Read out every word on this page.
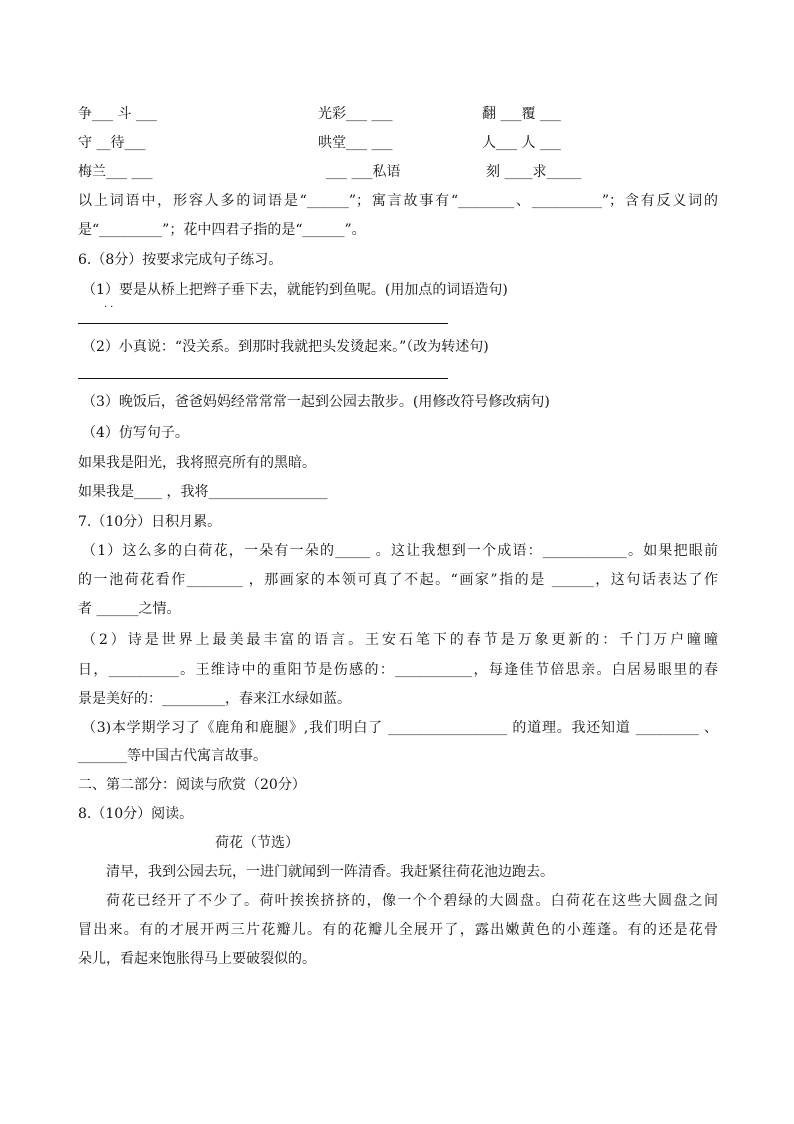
争___ 斗 ___	光彩___ ___	翻 ___覆 ___
守 __待___	哄堂___ ___	人___ 人 ___
梅兰___ ___	___ ___私语	刻 ____求_____
以上词语中，形容人多的词语是“______”；寓言故事有“________、__________”；含有反义词的
是“_________”；花中四君子指的是“______”。
6.（8分）按要求完成句子练习。
（1）要是从桥上把辫子垂下去，就能钓到鱼呢。(用加点的词语造句)
··
（2）小真说：“没关系。到那时我就把头发烫起来。”（改为转述句)
（3）晚饭后，爸爸妈妈经常常常一起到公园去散步。(用修改符号修改病句)
（4）仿写句子。
如果我是阳光，我将照亮所有的黑暗。
如果我是____ ，我将_________________
7.（10分）日积月累。
（1）这么多的白荷花，一朵有一朵的_____ 。这让我想到一个成语：____________。如果把眼前
的一池荷花看作________ ，那画家的本领可真了不起。“画家”指的是 ______，这句话表达了作
者 ______之情。
（2）诗是世界上最美最丰富的语言。王安石笔下的春节是万象更新的：千门万户曈曈
日，__________。王维诗中的重阳节是伤感的：___________，每逢佳节倍思亲。白居易眼里的春
景是美好的：_________，春来江水绿如蓝。
（3)本学期学习了《鹿角和鹿腿》,我们明白了 _________________ 的道理。我还知道 _________ 、
_______等中国古代寓言故事。
二、第二部分：阅读与欣赏（20分）
8.（10分）阅读。
荷花（节选）
清早，我到公园去玩，一进门就闻到一阵清香。我赶紧往荷花池边跑去。
荷花已经开了不少了。荷叶挨挨挤挤的，像一个个碧绿的大圆盘。白荷花在这些大圆盘之间
冒出来。有的才展开两三片花瓣儿。有的花瓣儿全展开了，露出嫩黄色的小莲蓬。有的还是花骨
朵儿，看起来饱胀得马上要破裂似的。
